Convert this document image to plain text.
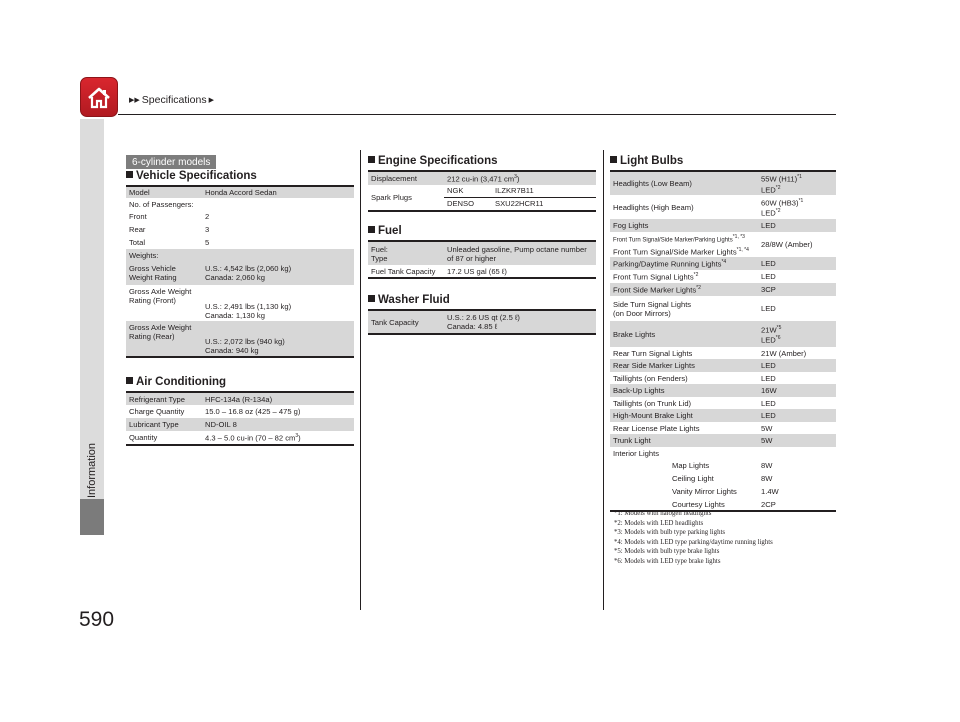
▶▶ Specifications ▶
Information
590
6-cylinder models
Vehicle Specifications
Model	Honda Accord Sedan
No. of Passengers:	
Front	2
Rear	3
Total	5
Weights:	
Gross Vehicle
Weight Rating	U.S.: 4,542 lbs (2,060 kg)
Canada: 2,060 kg
Gross Axle Weight
Rating (Front)	U.S.: 2,491 lbs (1,130 kg)
Canada: 1,130 kg
Gross Axle Weight
Rating (Rear)	U.S.: 2,072 lbs (940 kg)
Canada: 940 kg
Air Conditioning
Refrigerant Type	HFC-134a (R-134a)
Charge Quantity	15.0 – 16.8 oz (425 – 475 g)
Lubricant Type	ND-OIL 8
Quantity	4.3 – 5.0 cu-in (70 – 82 $cm^3$)
Engine Specifications
Displacement	212 cu-in (3,471 $cm^3$)	
Spark Plugs	NGK	ILZKR7B11
	DENSO	SXU22HCR11
Fuel
Fuel:
Type	Unleaded gasoline, Pump octane number
of 87 or higher
Fuel Tank Capacity	17.2 US gal (65 ℓ)
Washer Fluid
Tank Capacity	U.S.: 2.6 US qt (2.5 ℓ)
Canada: 4.85 ℓ
Light Bulbs
Headlights (Low Beam)	55W $(H11)^{*1}$
LED$^{*2}$
Headlights (High Beam)	60W $(HB3)^{*1}$
LED$^{*2}$
Fog Lights	LED
Front Turn Signal/Side Marker/Parking Lights$^{*1, *3}$
Front Turn Signal/Side Marker Lights$^{*1, *4}$	28/8W (Amber)
Parking/Daytime Running Lights$^{*4}$	LED
Front Turn Signal Lights$^{*2}$	LED
Front Side Marker Lights$^{*2}$	3CP
Side Turn Signal Lights
(on Door Mirrors)	LED
Brake Lights	$21W^{*5}$
LED$^{*6}$
Rear Turn Signal Lights	21W (Amber)
Rear Side Marker Lights	LED
Taillights (on Fenders)	LED
Back-Up Lights	16W
Taillights (on Trunk Lid)	LED
High-Mount Brake Light	LED
Rear License Plate Lights	5W
Trunk Light	5W
Interior Lights	
Map Lights	8W
Ceiling Light	8W
Vanity Mirror Lights	1.4W
Courtesy Lights	2CP
*1: Models with halogen headlights
*2: Models with LED headlights
*3: Models with bulb type parking lights
*4: Models with LED type parking/daytime running lights
*5: Models with bulb type brake lights
*6: Models with LED type brake lights
